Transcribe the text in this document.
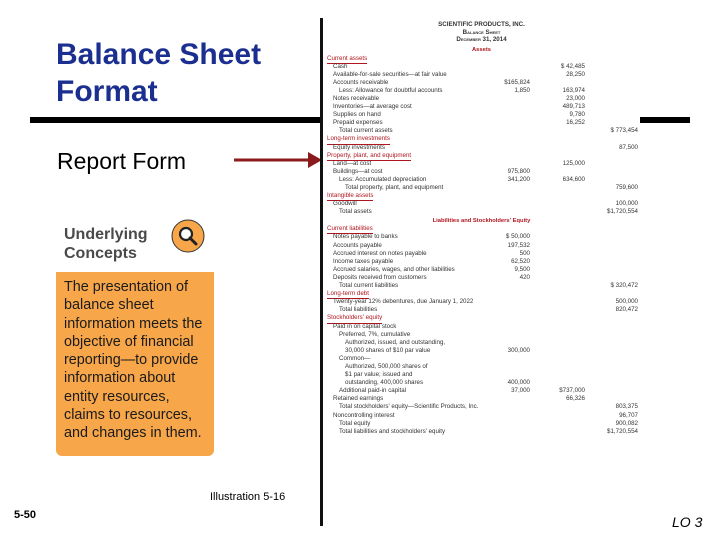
Balance Sheet
Format
Report Form
Underlying Concepts
The presentation of balance sheet information meets the objective of financial reporting—to provide information about entity resources, claims to resources, and changes in them.
SCIENTIFIC PRODUCTS, INC.
Balance Sheet
December 31, 2014
Assets
Current assets
Cash	$ 42,485
Available-for-sale securities—at fair value	28,250
Accounts receivable	$165,824
Less: Allowance for doubtful accounts	1,850	163,974
Notes receivable	23,000
Inventories—at average cost	489,713
Supplies on hand	9,780
Prepaid expenses	16,252
Total current assets	$ 773,454
Long-term investments
Equity investments	87,500
Property, plant, and equipment
Land—at cost	125,000
Buildings—at cost	975,800
Less: Accumulated depreciation	341,200	634,600
Total property, plant, and equipment	759,600
Intangible assets
Goodwill	100,000
Total assets	$1,720,554
Liabilities and Stockholders' Equity
Current liabilities
Notes payable to banks	$ 50,000
Accounts payable	197,532
Accrued interest on notes payable	500
Income taxes payable	62,520
Accrued salaries, wages, and other liabilities	9,500
Deposits received from customers	420
Total current liabilities	$ 320,472
Long-term debt
Twenty-year 12% debentures, due January 1, 2022	500,000
Total liabilities	820,472
Stockholders' equity
Paid in on capital stock
Preferred, 7%, cumulative
Authorized, issued, and outstanding,
30,000 shares of $10 par value	300,000
Common—
Authorized, 500,000 shares of
$1 par value; issued and
outstanding, 400,000 shares	400,000
Additional paid-in capital	37,000	$737,000
Retained earnings	66,326
Total stockholders' equity—Scientific Products, Inc.	803,375
Noncontrolling interest	96,707
Total equity	900,082
Total liabilities and stockholders' equity	$1,720,554
Illustration 5-16
5-50	LO 3
